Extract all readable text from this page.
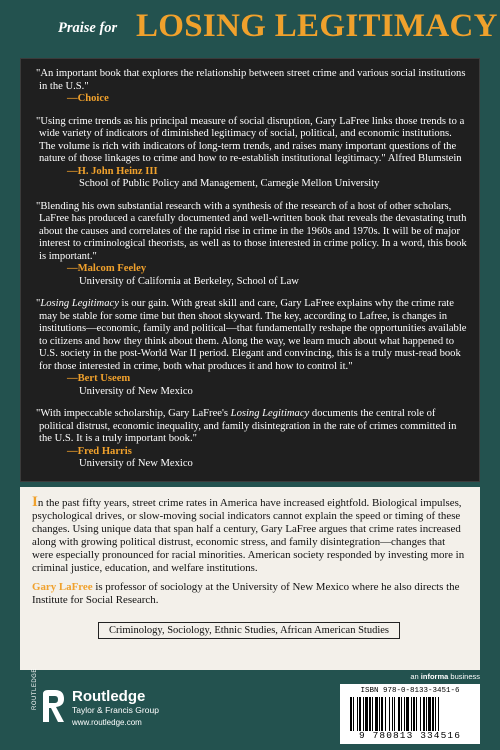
Praise for LOSING LEGITIMACY

"An important book that explores the relationship between street crime and various social institutions in the U.S."

—Choice

"Using crime trends as his principal measure of social disruption, Gary LaFree links those trends to a wide variety of indicators of diminished legitimacy of social, political, and economic institutions. The volume is rich with indicators of long-term trends, and raises many important questions of the nature of those linkages to crime and how to re-establish institutional legitimacy." Alfred Blumstein

—H. John Heinz III

School of Public Policy and Management, Carnegie Mellon University

"Blending his own substantial research with a synthesis of the research of a host of other scholars, LaFree has produced a carefully documented and well-written book that reveals the devastating truth about the causes and correlates of the rapid rise in crime in the 1960s and 1970s. It will be of major interest to criminological theorists, as well as to those interested in crime policy. In a word, this book is important."

—Malcom Feeley

University of California at Berkeley, School of Law

"Losing Legitimacy is our gain. With great skill and care, Gary LaFree explains why the crime rate may be stable for some time but then shoot skyward. The key, according to Lafree, is changes in institutions—economic, family and political—that fundamentally reshape the opportunities available to citizens and how they think about them. Along the way, we learn much about what happened to U.S. society in the post-World War II period. Elegant and convincing, this is a truly must-read book for those interested in crime, both what produces it and how to control it."

—Bert Useem

University of New Mexico

"With impeccable scholarship, Gary LaFree's Losing Legitimacy documents the central role of political distrust, economic inequality, and family disintegration in the rate of crimes committed in the U.S. It is a truly important book."

—Fred Harris

University of New Mexico

In the past fifty years, street crime rates in America have increased eightfold. Biological impulses, psychological drives, or slow-moving social indicators cannot explain the speed or timing of these changes. Using unique data that span half a century, Gary LaFree argues that crime rates increased along with growing political distrust, economic stress, and family disintegration—changes that were especially pronounced for racial minorities. American society responded by investing more in criminal justice, education, and welfare institutions.

Gary LaFree is professor of sociology at the University of New Mexico where he also directs the Institute for Social Research.

Criminology, Sociology, Ethnic Studies, African American Studies
an informa business
ROUTLEDGE Routledge
Taylor & Francis Group
www.routledge.com
ISBN 978-0-8133-3451-6
9 780813 334516
